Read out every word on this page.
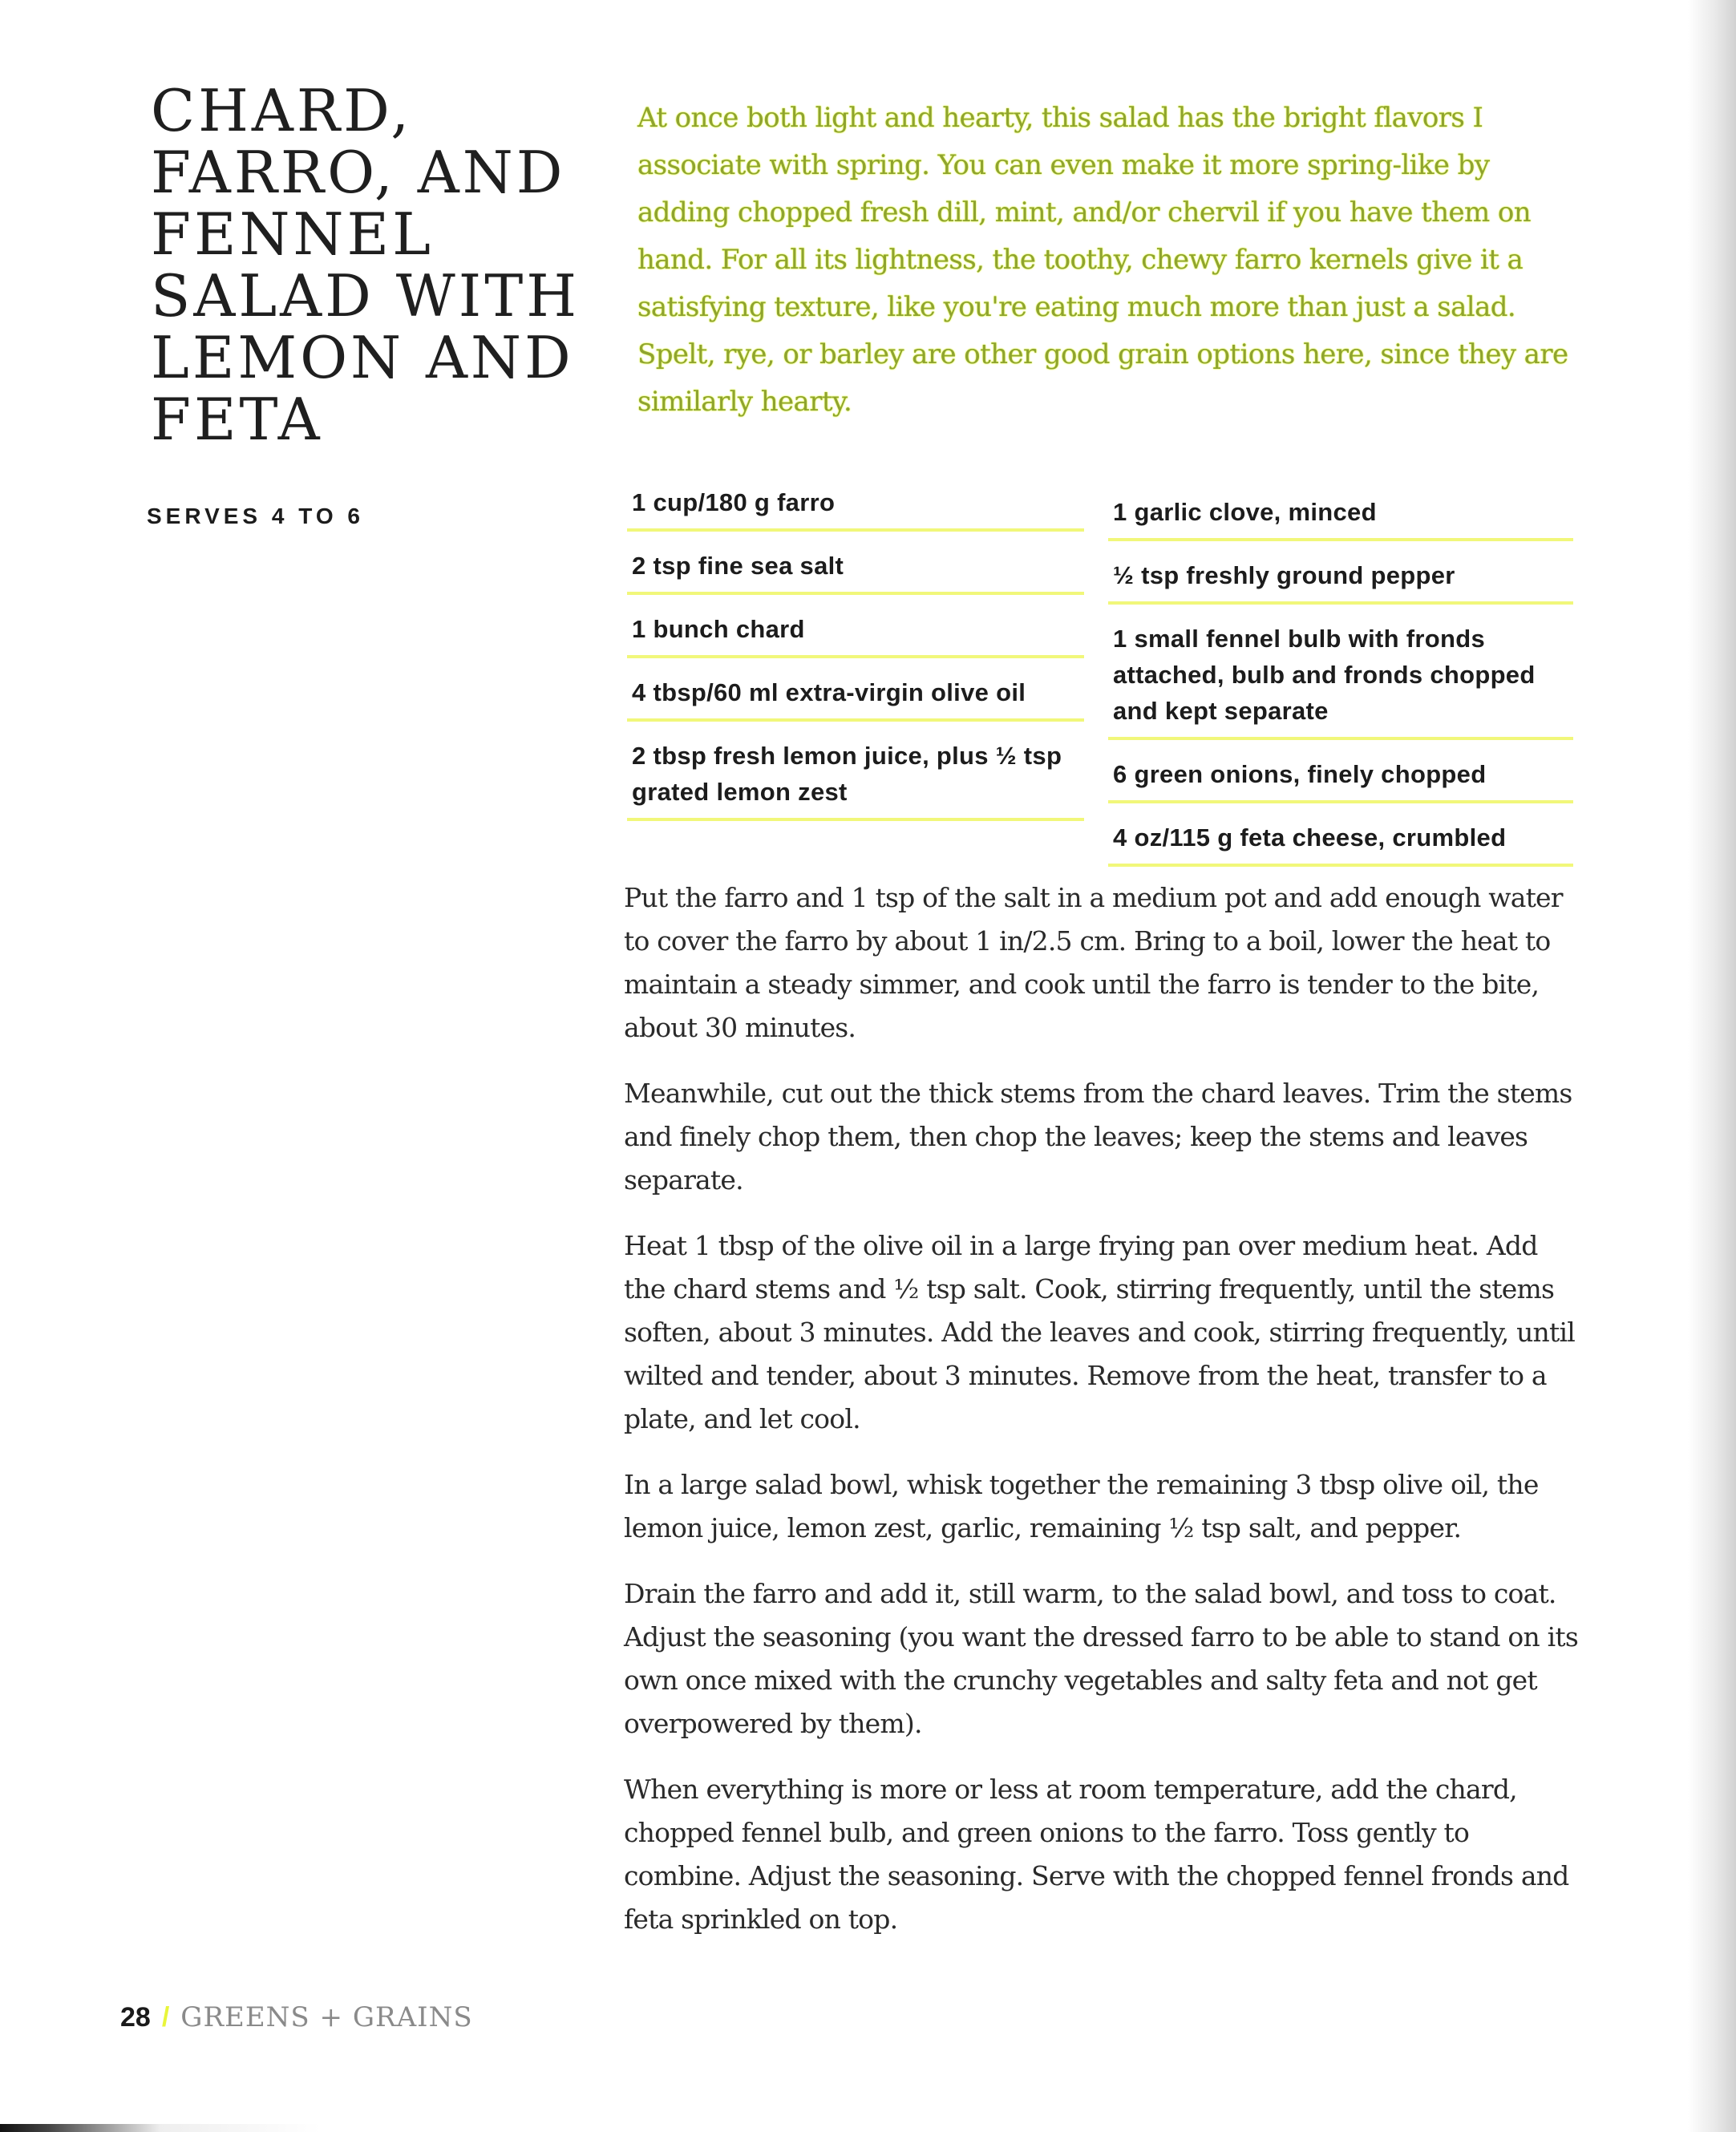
CHARD,
FARRO, AND
FENNEL
SALAD WITH
LEMON AND
FETA
SERVES 4 TO 6

At once both light and hearty, this salad has the bright flavors I associate with spring. You can even make it more spring-like by adding chopped fresh dill, mint, and/or chervil if you have them on hand. For all its lightness, the toothy, chewy farro kernels give it a satisfying texture, like you're eating much more than just a salad. Spelt, rye, or barley are other good grain options here, since they are similarly hearty.

1 cup/180 g farro
2 tsp fine sea salt
1 bunch chard
4 tbsp/60 ml extra-virgin olive oil
2 tbsp fresh lemon juice, plus ½ tsp grated lemon zest
1 garlic clove, minced
½ tsp freshly ground pepper
1 small fennel bulb with fronds attached, bulb and fronds chopped and kept separate
6 green onions, finely chopped
4 oz/115 g feta cheese, crumbled

Put the farro and 1 tsp of the salt in a medium pot and add enough water to cover the farro by about 1 in/2.5 cm. Bring to a boil, lower the heat to maintain a steady simmer, and cook until the farro is tender to the bite, about 30 minutes.

Meanwhile, cut out the thick stems from the chard leaves. Trim the stems and finely chop them, then chop the leaves; keep the stems and leaves separate.

Heat 1 tbsp of the olive oil in a large frying pan over medium heat. Add the chard stems and ½ tsp salt. Cook, stirring frequently, until the stems soften, about 3 minutes. Add the leaves and cook, stirring frequently, until wilted and tender, about 3 minutes. Remove from the heat, transfer to a plate, and let cool.

In a large salad bowl, whisk together the remaining 3 tbsp olive oil, the lemon juice, lemon zest, garlic, remaining ½ tsp salt, and pepper.

Drain the farro and add it, still warm, to the salad bowl, and toss to coat. Adjust the seasoning (you want the dressed farro to be able to stand on its own once mixed with the crunchy vegetables and salty feta and not get overpowered by them).

When everything is more or less at room temperature, add the chard, chopped fennel bulb, and green onions to the farro. Toss gently to combine. Adjust the seasoning. Serve with the chopped fennel fronds and feta sprinkled on top.

28 / GREENS + GRAINS
